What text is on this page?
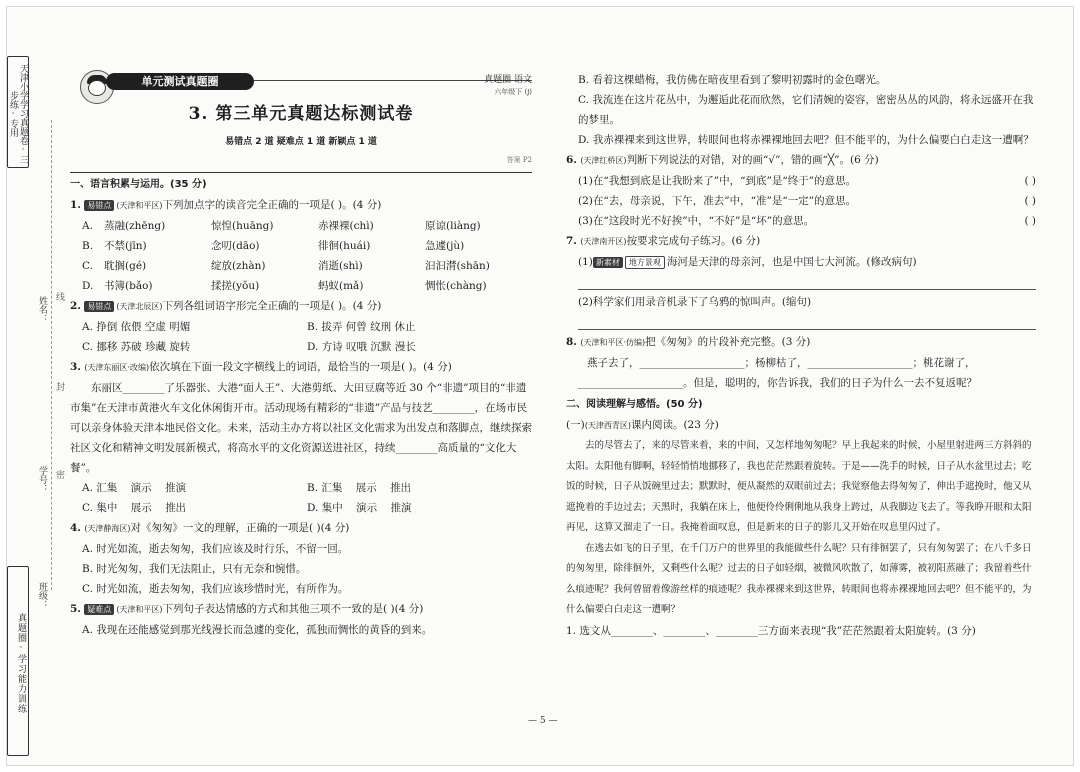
天津小学学习真题卷·三步练·专用
姓名：
学号：
班级：
线
封
密
真题圈·学习能力训练
单元测试真题圈	真题圈 语文
六年级下 (J)
3. 第三单元真题达标测试卷
易错点 2 道 疑难点 1 道 新颖点 1 道
答案 P2
一、语言积累与运用。(35 分)
1. 易错点 (天津和平区)下列加点字的读音完全正确的一项是( )。(4 分)
A.	蒸融(zhēng)	惊惶(huāng)	赤裸裸(chì)	原谅(liàng)
B.	不禁(jīn)	念叨(dāo)	徘徊(huái)	急遽(jù)
C.	耽搁(gé)	绽放(zhàn)	消逝(shì)	汩汩潸(shān)
D.	书簿(bǎo)	揉搓(yǒu)	蚂蚁(mǎ)	惆怅(chàng)
2. 易错点 (天津北辰区)下列各组词语字形完全正确的一项是( )。(4 分)
A. 挣倒 依偎 空虚 明媚	B. 拔弄 何曾 纹刑 休止
C. 挪移 苏破 珍藏 旋转	D. 方诗 叹哦 沉默 漫长
3. (天津东丽区·改编)依次填在下面一段文字横线上的词语，最恰当的一项是( )。(4 分)
东丽区________了乐器张、大港“面人王”、大港剪纸、大田豆腐等近 30 个“非遗”项目的“非遗市集”在天津市黄港火车文化休闲街开市。活动现场有精彩的“非遗”产品与技艺________，在场市民可以亲身体验天津本地民俗文化。未来，活动主办方将以社区文化需求为出发点和落脚点，继续探索社区文化和精神文明发展新模式，将高水平的文化资源送进社区，持续________高质量的“文化大餐”。
A. 汇集 演示 推演	B. 汇集 展示 推出
C. 集中 展示 推出	D. 集中 演示 推演
4. (天津静海区)对《匆匆》一文的理解，正确的一项是( )(4 分)
A. 时光如流，逝去匆匆，我们应该及时行乐，不留一回。
B. 时光匆匆，我们无法阻止，只有无奈和惋惜。
C. 时光如流，逝去匆匆，我们应该珍惜时光，有所作为。
5. 疑难点 (天津和平区)下列句子表达情感的方式和其他三项不一致的是( )(4 分)
A. 我现在还能感觉到那光线漫长而急遽的变化，孤独而惆怅的黄昏的到来。
B. 看着这棵蜡梅，我仿佛在暗夜里看到了黎明初露时的金色曙光。
C. 我流连在这片花丛中，为邂逅此花而欣然，它们清婉的姿容，密密丛丛的风韵，将永远盛开在我的梦里。
D. 我赤裸裸来到这世界，转眼间也将赤裸裸地回去吧？但不能平的，为什么偏要白白走这一遭啊？
6. (天津红桥区)判断下列说法的对错，对的画“√”，错的画“╳”。(6 分)
(1)在“我想到底是让我盼来了”中，“到底”是“终于”的意思。	( )
(2)在“去，母亲说，下午，准去”中，“准”是“一定”的意思。	( )
(3)在“这段时光不好挨”中，“不好”是“坏”的意思。	( )
7. (天津南开区)按要求完成句子练习。(6 分)
(1) 新素材 地方景观 海河是天津的母亲河，也是中国七大河流。(修改病句)
(2)科学家们用录音机录下了乌鸦的惊叫声。(缩句)
8. (天津和平区·仿编)把《匆匆》的片段补充完整。(3 分)
燕子去了，____________________；杨柳枯了，____________________；桃花谢了，
____________________。但是，聪明的，你告诉我，我们的日子为什么一去不复返呢？
二、阅读理解与感悟。(50 分)
(一)(天津西青区)课内阅读。(23 分)
去的尽管去了，来的尽管来着，来的中间，又怎样地匆匆呢？早上我起来的时候，小屋里射进两三方斜斜的太阳。太阳他有脚啊，轻轻悄悄地挪移了，我也茫茫然跟着旋转。于是——洗手的时候，日子从水盆里过去；吃饭的时候，日子从饭碗里过去；默默时，便从凝然的双眼前过去；我觉察他去得匆匆了，伸出手遮挽时，他又从遮挽着的手边过去；天黑时，我躺在床上，他便伶伶俐俐地从我身上跨过，从我脚边飞去了。等我睁开眼和太阳再见，这算又溜走了一日。我掩着面叹息，但是新来的日子的影儿又开始在叹息里闪过了。
在逃去如飞的日子里，在千门万户的世界里的我能做些什么呢？只有徘徊罢了，只有匆匆罢了；在八千多日的匆匆里，除徘徊外，又剩些什么呢？过去的日子如轻烟，被微风吹散了，如薄雾，被初阳蒸融了；我留着些什么痕迹呢？我何曾留着像游丝样的痕迹呢？我赤裸裸来到这世界，转眼间也将赤裸裸地回去吧？但不能平的，为什么偏要白白走这一遭啊？
1. 选文从________、________、________三方面来表现“我”茫茫然跟着太阳旋转。(3 分)
— 5 —
